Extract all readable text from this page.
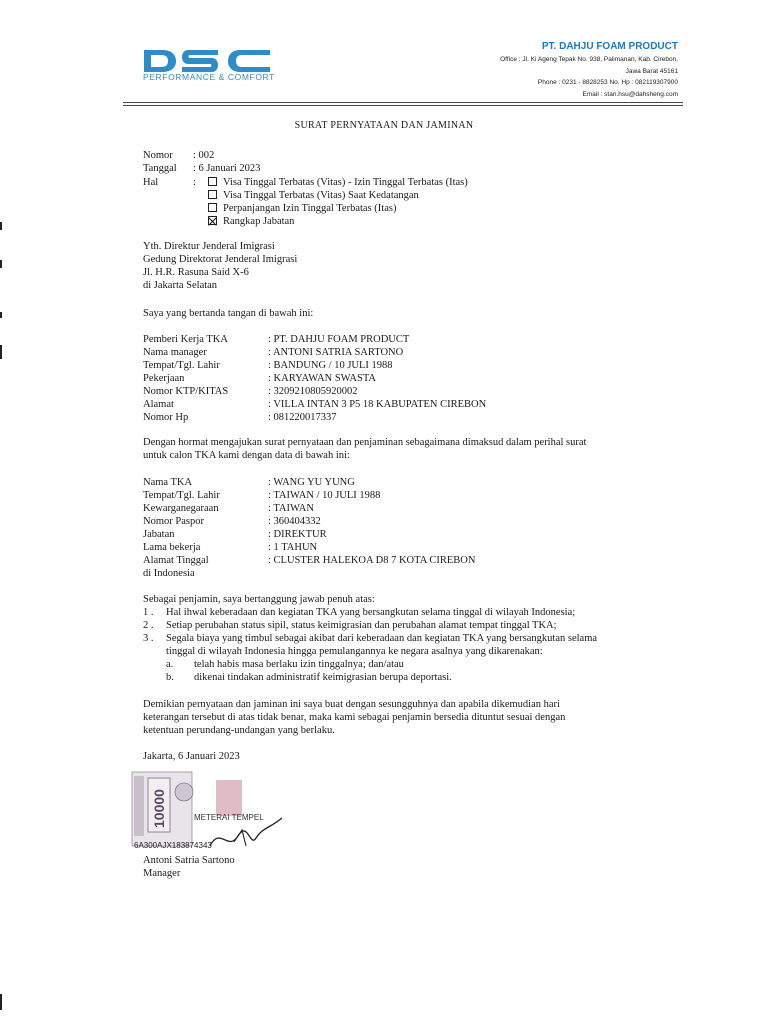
PERFORMANCE & COMFORT
PT. DAHJU FOAM PRODUCT
Office : Jl. Ki Ageng Tepak No. 938, Palimanan, Kab. Cirebon,
Jawa Barat 45161
Phone : 0231 - 8828253 No. Hp : 082119307900
Email : stan.hsu@dahsheng.com
SURAT PERNYATAAN DAN JAMINAN
Nomor : 002
Tanggal : 6 Januari 2023
Hal	:	Visa Tinggal Terbatas (Vitas) - Izin Tinggal Terbatas (Itas)
Visa Tinggal Terbatas (Vitas) Saat Kedatangan
Perpanjangan Izin Tinggal Terbatas (Itas)
Rangkap Jabatan
Yth. Direktur Jenderal Imigrasi
Gedung Direktorat Jenderal Imigrasi
Jl. H.R. Rasuna Said X-6
di Jakarta Selatan
Saya yang bertanda tangan di bawah ini:
Pemberi Kerja TKA	: PT. DAHJU FOAM PRODUCT
Nama manager	: ANTONI SATRIA SARTONO
Tempat/Tgl. Lahir	: BANDUNG / 10 JULI 1988
Pekerjaan	: KARYAWAN SWASTA
Nomor KTP/KITAS	: 3209210805920002
Alamat	: VILLA INTAN 3 P5 18 KABUPATEN CIREBON
Nomor Hp	: 081220017337
Dengan hormat mengajukan surat pernyataan dan penjaminan sebagaimana dimaksud dalam perihal surat
untuk calon TKA kami dengan data di bawah ini:
Nama TKA	: WANG YU YUNG
Tempat/Tgl. Lahir	: TAIWAN / 10 JULI 1988
Kewarganegaraan	: TAIWAN
Nomor Paspor	: 360404332
Jabatan	: DIREKTUR
Lama bekerja	: 1 TAHUN
Alamat Tinggal	: CLUSTER HALEKOA D8 7 KOTA CIREBON
di Indonesia
Sebagai penjamin, saya bertanggung jawab penuh atas:
1 . Hal ihwal keberadaan dan kegiatan TKA yang bersangkutan selama tinggal di wilayah Indonesia;
2 . Setiap perubahan status sipil, status keimigrasian dan perubahan alamat tempat tinggal TKA;
3 . Segala biaya yang timbul sebagai akibat dari keberadaan dan kegiatan TKA yang bersangkutan selama
tinggal di wilayah Indonesia hingga pemulangannya ke negara asalnya yang dikarenakan:
a. telah habis masa berlaku izin tinggalnya; dan/atau
b. dikenai tindakan administratif keimigrasian berupa deportasi.
Demikian pernyataan dan jaminan ini saya buat dengan sesungguhnya dan apabila dikemudian hari
keterangan tersebut di atas tidak benar, maka kami sebagai penjamin bersedia dituntut sesuai dengan
ketentuan perundang-undangan yang berlaku.
Jakarta, 6 Januari 2023
10000	METERAI TEMPEL
6A300AJX183874343
Antoni Satria Sartono
Manager
